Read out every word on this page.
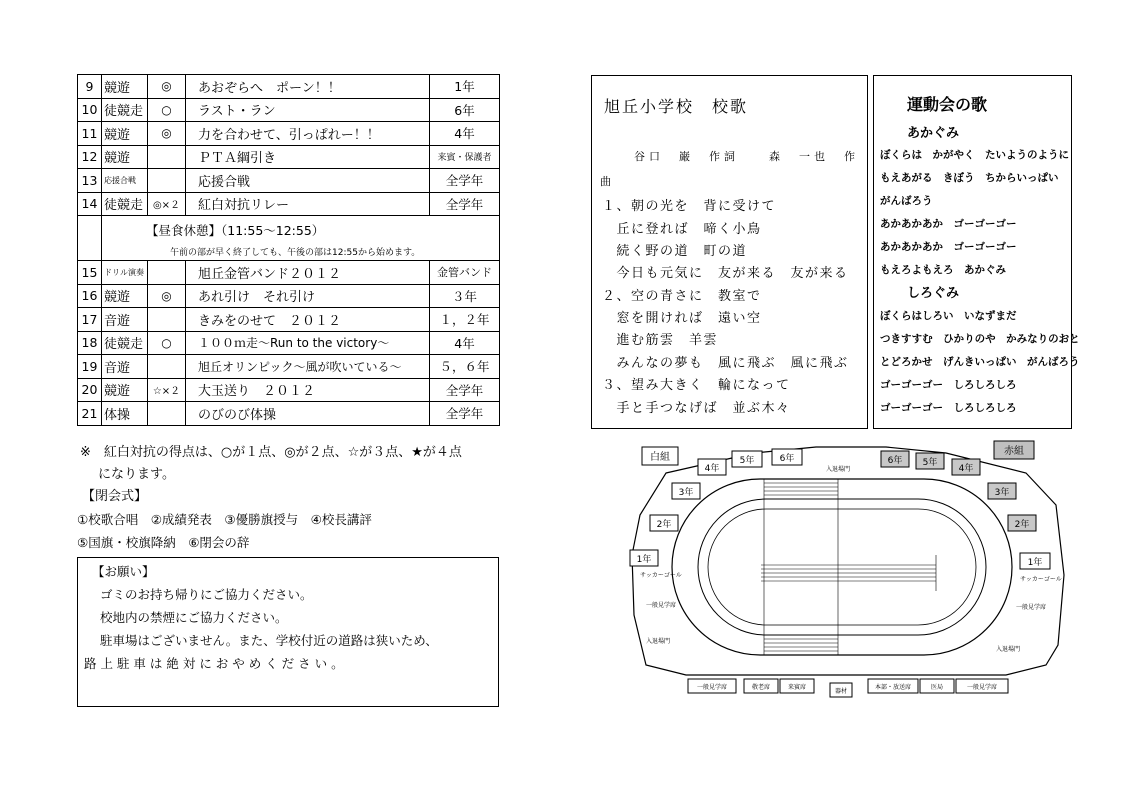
9	競遊	◎	あおぞらへ　ポーン！！	1年
10	徒競走	○	ラスト・ラン	6年
11	競遊	◎	力を合わせて、引っぱれー！！	4年
12	競遊		ＰＴＡ綱引き	来賓・保護者
13	応援合戦		応援合戦	全学年
14	徒競走	◎×２	紅白対抗リレー	全学年

	【昼食休憩】（11:55～12:55）
午前の部が早く終了しても、午後の部は12:55から始めます。			

15	ドリル演奏		旭丘金管バンド２０１２	金管バンド
16	競遊	◎	あれ引け　それ引け	３年
17	音遊		きみをのせて　２０１２	１，２年
18	徒競走	○	１００ｍ走～Run to the victory～	4年
19	音遊		旭丘オリンピック～風が吹いている～	５，６年
20	競遊	☆×２	大玉送り　２０１２	全学年
21	体操		のびのび体操	全学年
※　紅白対抗の得点は、○が１点、◎が２点、☆が３点、★が４点
になります。
【閉会式】
①校歌合唱　②成績発表　③優勝旗授与　④校長講評
⑤国旗・校旗降納　⑥閉会の辞
【お願い】
ゴミのお持ち帰りにご協力ください。
校地内の禁煙にご協力ください。
駐車場はございません。また、学校付近の道路は狭いため、
路 上 駐 車 は 絶 対 に お や め く だ さ い 。
旭丘小学校　校歌
谷口　巌　作詞　　森　一也　作
曲
１、朝の光を　背に受けて
　丘に登れば　啼く小鳥
　続く野の道　町の道
　今日も元気に　友が来る　友が来る
２、空の青さに　教室で
　窓を開ければ　遠い空
　進む筋雲　羊雲
　みんなの夢も　風に飛ぶ　風に飛ぶ
３、望み大きく　輪になって
　手と手つなげば　並ぶ木々
運動会の歌
あかぐみ
ぼくらは　かがやく　たいようのように
もえあがる　きぼう　ちからいっぱい
がんばろう
あかあかあか　ゴーゴーゴー
あかあかあか　ゴーゴーゴー
もえろよもえろ　あかぐみ
しろぐみ
ぼくらはしろい　いなずまだ
つきすすむ　ひかりのや　かみなりのおと
とどろかせ　げんきいっぱい　がんばろう
ゴーゴーゴー　しろしろしろ
ゴーゴーゴー　しろしろしろ
白組
赤組
1年
2年
3年
4年
5年	6年	6年 5年
4年
3年
2年
1年
入退場門
入退場門
入退場門
サッカーゴール
サッカーゴール
一般見学席	一般見学席
一般見学席	敬老席	来賓席
器材
本部・放送席	医局	一般見学席
